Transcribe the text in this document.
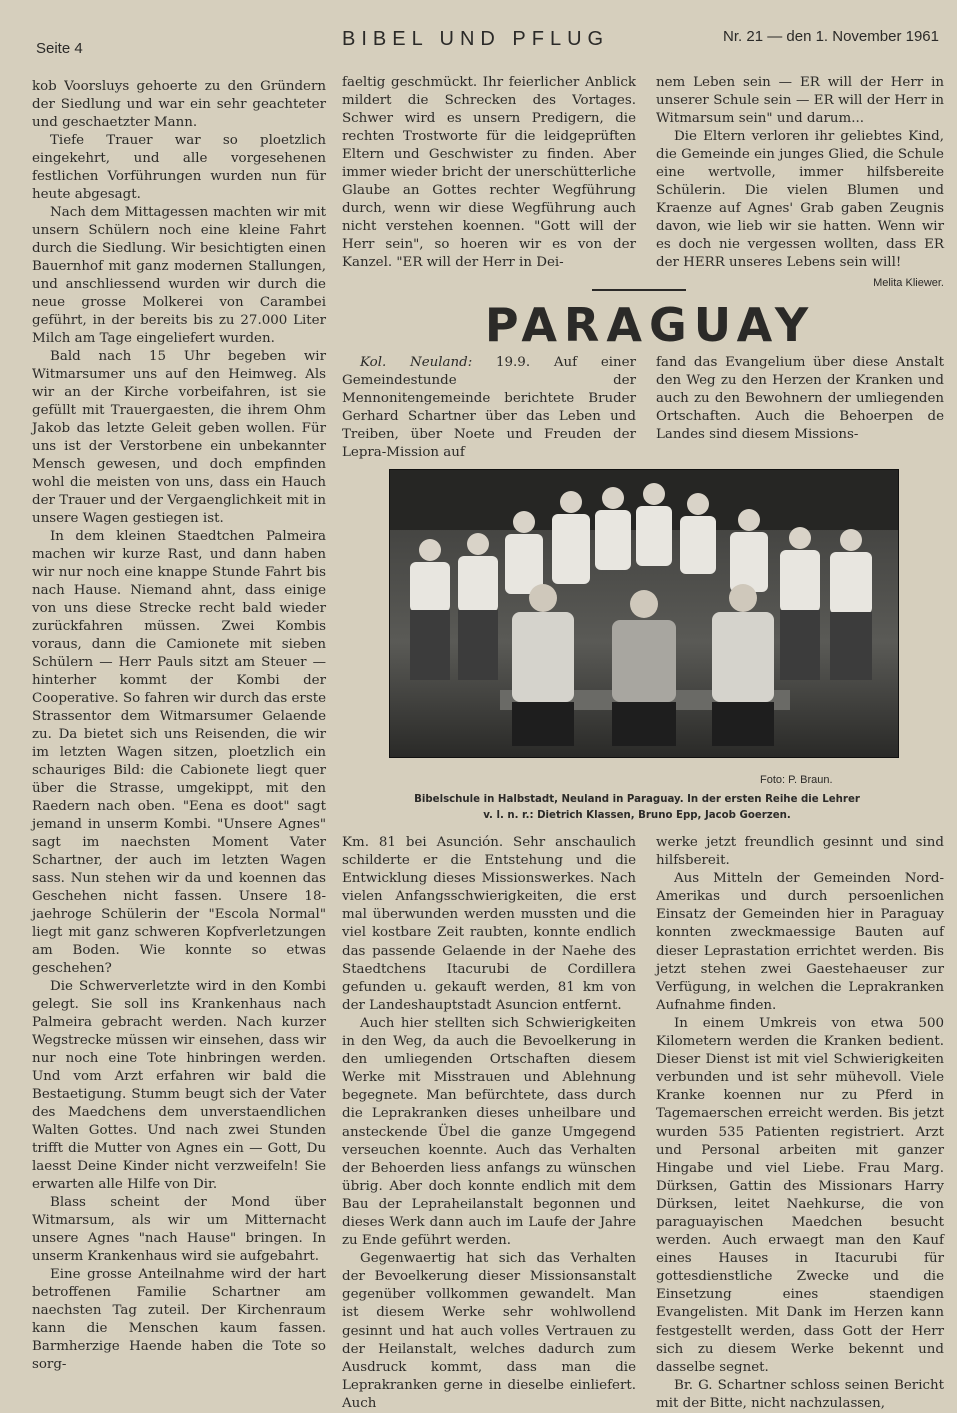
Seite 4	BIBEL UND PFLUG	Nr. 21 — den 1. November 1961

kob Voorsluys gehoerte zu den Gründern der Siedlung und war ein sehr geachteter und geschaetzter Mann.

Tiefe Trauer war so ploetzlich eingekehrt, und alle vorgesehenen festlichen Vorführungen wurden nun für heute abgesagt.

Nach dem Mittagessen machten wir mit unsern Schülern noch eine kleine Fahrt durch die Siedlung. Wir besichtigten einen Bauernhof mit ganz modernen Stallungen, und anschliessend wurden wir durch die neue grosse Molkerei von Carambei geführt, in der bereits bis zu 27.000 Liter Milch am Tage eingeliefert wurden.

Bald nach 15 Uhr begeben wir Witmarsumer uns auf den Heimweg. Als wir an der Kirche vorbeifahren, ist sie gefüllt mit Trauergaesten, die ihrem Ohm Jakob das letzte Geleit geben wollen. Für uns ist der Verstorbene ein unbekannter Mensch gewesen, und doch empfinden wohl die meisten von uns, dass ein Hauch der Trauer und der Vergaenglichkeit mit in unsere Wagen gestiegen ist.

In dem kleinen Staedtchen Palmeira machen wir kurze Rast, und dann haben wir nur noch eine knappe Stunde Fahrt bis nach Hause. Niemand ahnt, dass einige von uns diese Strecke recht bald wieder zurückfahren müssen. Zwei Kombis voraus, dann die Camionete mit sieben Schülern — Herr Pauls sitzt am Steuer — hinterher kommt der Kombi der Cooperative. So fahren wir durch das erste Strassentor dem Witmarsumer Gelaende zu. Da bietet sich uns Reisenden, die wir im letzten Wagen sitzen, ploetzlich ein schauriges Bild: die Cabionete liegt quer über die Strasse, umgekippt, mit den Raedern nach oben. "Eena es doot" sagt jemand in unserm Kombi. "Unsere Agnes" sagt im naechsten Moment Vater Schartner, der auch im letzten Wagen sass. Nun stehen wir da und koennen das Geschehen nicht fassen. Unsere 18-jaehroge Schülerin der "Escola Normal" liegt mit ganz schweren Kopfverletzungen am Boden. Wie konnte so etwas geschehen?

Die Schwerverletzte wird in den Kombi gelegt. Sie soll ins Krankenhaus nach Palmeira gebracht werden. Nach kurzer Wegstrecke müssen wir einsehen, dass wir nur noch eine Tote hinbringen werden. Und vom Arzt erfahren wir bald die Bestaetigung. Stumm beugt sich der Vater des Maedchens dem unverstaendlichen Walten Gottes. Und nach zwei Stunden trifft die Mutter von Agnes ein — Gott, Du laesst Deine Kinder nicht verzweifeln! Sie erwarten alle Hilfe von Dir.

Blass scheint der Mond über Witmarsum, als wir um Mitternacht unsere Agnes "nach Hause" bringen. In unserm Krankenhaus wird sie aufgebahrt.

Eine grosse Anteilnahme wird der hart betroffenen Familie Schartner am naechsten Tag zuteil. Der Kirchenraum kann die Menschen kaum fassen. Barmherzige Haende haben die Tote so sorg-

faeltig geschmückt. Ihr feierlicher Anblick mildert die Schrecken des Vortages. Schwer wird es unsern Predigern, die rechten Trostworte für die leidgeprüften Eltern und Geschwister zu finden. Aber immer wieder bricht der unerschütterliche Glaube an Gottes rechter Wegführung durch, wenn wir diese Wegführung auch nicht verstehen koennen. "Gott will der Herr sein", so hoeren wir es von der Kanzel. "ER will der Herr in Dei-

nem Leben sein — ER will der Herr in unserer Schule sein — ER will der Herr in Witmarsum sein" und darum...

Die Eltern verloren ihr geliebtes Kind, die Gemeinde ein junges Glied, die Schule eine wertvolle, immer hilfsbereite Schülerin. Die vielen Blumen und Kraenze auf Agnes' Grab gaben Zeugnis davon, wie lieb wir sie hatten. Wenn wir es doch nie vergessen wollten, dass ER der HERR unseres Lebens sein will!

Melita Kliewer.
PARAGUAY

Kol. Neuland: 19.9. Auf einer Gemeindestunde der Mennonitengemeinde berichtete Bruder Gerhard Schartner über das Leben und Treiben, über Noete und Freuden der Lepra-Mission auf

fand das Evangelium über diese Anstalt den Weg zu den Herzen der Kranken und auch zu den Bewohnern der umliegenden Ortschaften. Auch die Behoerpen de Landes sind diesem Missions-

Foto: P. Braun.
Bibelschule in Halbstadt, Neuland in Paraguay. In der ersten Reihe die Lehrer
v. l. n. r.: Dietrich Klassen, Bruno Epp, Jacob Goerzen.

Km. 81 bei Asunción. Sehr anschaulich schilderte er die Entstehung und die Entwicklung dieses Missionswerkes. Nach vielen Anfangsschwierigkeiten, die erst mal überwunden werden mussten und die viel kostbare Zeit raubten, konnte endlich das passende Gelaende in der Naehe des Staedtchens Itacurubi de Cordillera gefunden u. gekauft werden, 81 km von der Landeshauptstadt Asuncion entfernt.

Auch hier stellten sich Schwierigkeiten in den Weg, da auch die Bevoelkerung in den umliegenden Ortschaften diesem Werke mit Misstrauen und Ablehnung begegnete. Man befürchtete, dass durch die Leprakranken dieses unheilbare und ansteckende Übel die ganze Umgegend verseuchen koennte. Auch das Verhalten der Behoerden liess anfangs zu wünschen übrig. Aber doch konnte endlich mit dem Bau der Lepraheilanstalt begonnen und dieses Werk dann auch im Laufe der Jahre zu Ende geführt werden.

Gegenwaertig hat sich das Verhalten der Bevoelkerung dieser Missionsanstalt gegenüber vollkommen gewandelt. Man ist diesem Werke sehr wohlwollend gesinnt und hat auch volles Vertrauen zu der Heilanstalt, welches dadurch zum Ausdruck kommt, dass man die Leprakranken gerne in dieselbe einliefert. Auch

werke jetzt freundlich gesinnt und sind hilfsbereit.

Aus Mitteln der Gemeinden Nord-Amerikas und durch persoenlichen Einsatz der Gemeinden hier in Paraguay konnten zweckmaessige Bauten auf dieser Leprastation errichtet werden. Bis jetzt stehen zwei Gaestehaeuser zur Verfügung, in welchen die Leprakranken Aufnahme finden.

In einem Umkreis von etwa 500 Kilometern werden die Kranken bedient. Dieser Dienst ist mit viel Schwierigkeiten verbunden und ist sehr mühevoll. Viele Kranke koennen nur zu Pferd in Tagemaerschen erreicht werden. Bis jetzt wurden 535 Patienten registriert. Arzt und Personal arbeiten mit ganzer Hingabe und viel Liebe. Frau Marg. Dürksen, Gattin des Missionars Harry Dürksen, leitet Naehkurse, die von paraguayischen Maedchen besucht werden. Auch erwaegt man den Kauf eines Hauses in Itacurubi für gottesdienstliche Zwecke und die Einsetzung eines staendigen Evangelisten. Mit Dank im Herzen kann festgestellt werden, dass Gott der Herr sich zu diesem Werke bekennt und dasselbe segnet.

Br. G. Schartner schloss seinen Bericht mit der Bitte, nicht nachzulassen,
